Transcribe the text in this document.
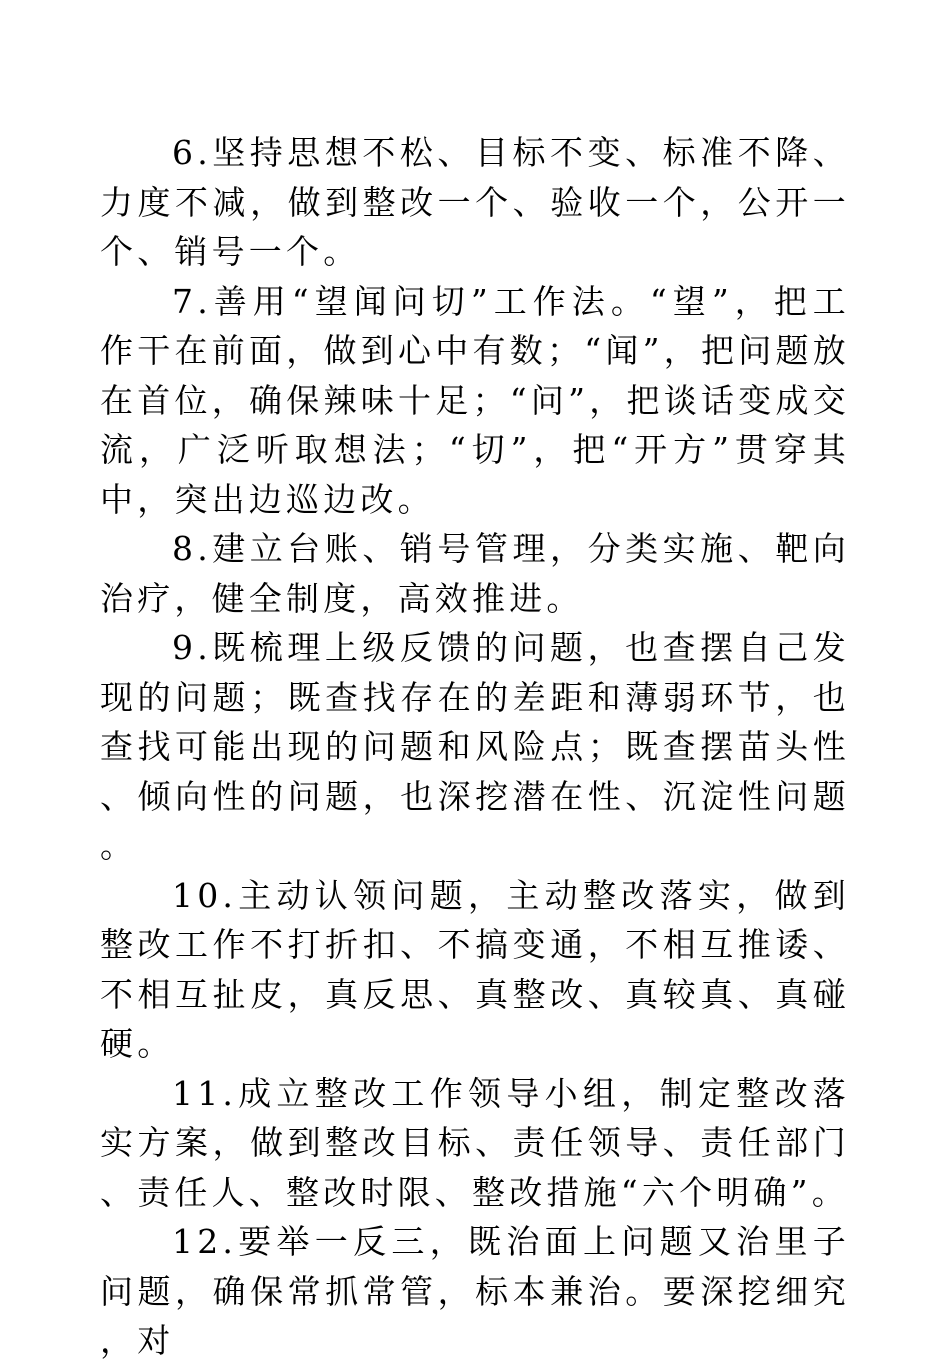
6.坚持思想不松、目标不变、标准不降、力度不减，做到整改一个、验收一个，公开一个、销号一个。

7.善用“望闻问切”工作法。“望”，把工作干在前面，做到心中有数；“闻”，把问题放在首位，确保辣味十足；“问”，把谈话变成交流，广泛听取想法；“切”，把“开方”贯穿其中，突出边巡边改。

8.建立台账、销号管理，分类实施、靶向治疗，健全制度，高效推进。

9.既梳理上级反馈的问题，也查摆自己发现的问题；既查找存在的差距和薄弱环节，也查找可能出现的问题和风险点；既查摆苗头性、倾向性的问题，也深挖潜在性、沉淀性问题。

10.主动认领问题，主动整改落实，做到整改工作不打折扣、不搞变通，不相互推诿、不相互扯皮，真反思、真整改、真较真、真碰硬。

11.成立整改工作领导小组，制定整改落实方案，做到整改目标、责任领导、责任部门、责任人、整改时限、整改措施“六个明确”。

12.要举一反三，既治面上问题又治里子问题，确保常抓常管，标本兼治。要深挖细究，对
